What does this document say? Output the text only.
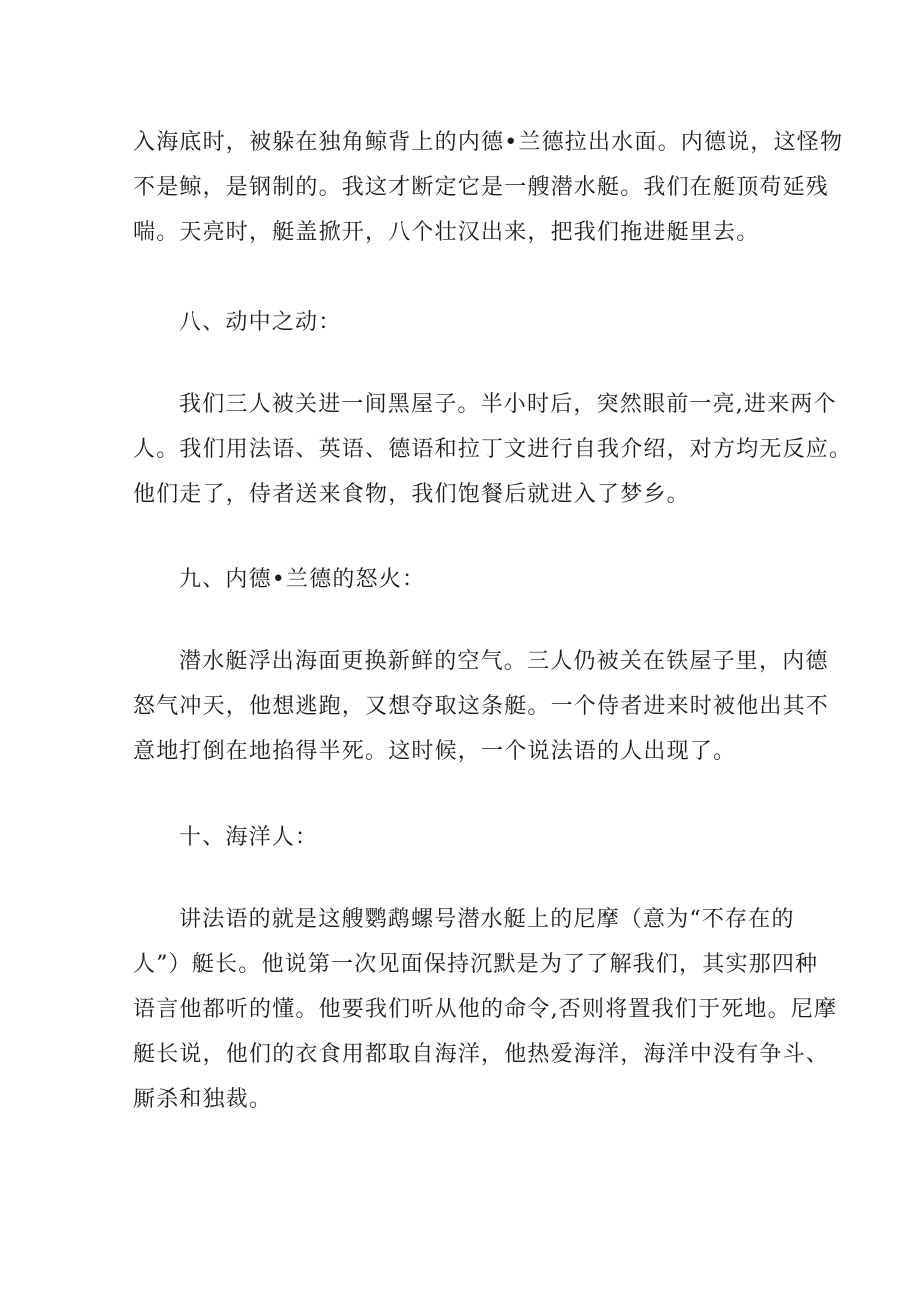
入海底时，被躲在独角鲸背上的内德•兰德拉出水面。内德说，这怪物
不是鲸，是钢制的。我这才断定它是一艘潜水艇。我们在艇顶苟延残
喘。天亮时，艇盖掀开，八个壮汉出来，把我们拖进艇里去。
八、动中之动：
我们三人被关进一间黑屋子。半小时后，突然眼前一亮,进来两个
人。我们用法语、英语、德语和拉丁文进行自我介绍，对方均无反应。
他们走了，侍者送来食物，我们饱餐后就进入了梦乡。
九、内德•兰德的怒火：
潜水艇浮出海面更换新鲜的空气。三人仍被关在铁屋子里，内德
怒气冲天，他想逃跑，又想夺取这条艇。一个侍者进来时被他出其不
意地打倒在地掐得半死。这时候，一个说法语的人出现了。
十、海洋人：
讲法语的就是这艘鹦鹉螺号潜水艇上的尼摩（意为“不存在的
人”）艇长。他说第一次见面保持沉默是为了了解我们，其实那四种
语言他都听的懂。他要我们听从他的命令,否则将置我们于死地。尼摩
艇长说，他们的衣食用都取自海洋，他热爱海洋，海洋中没有争斗、
厮杀和独裁。
